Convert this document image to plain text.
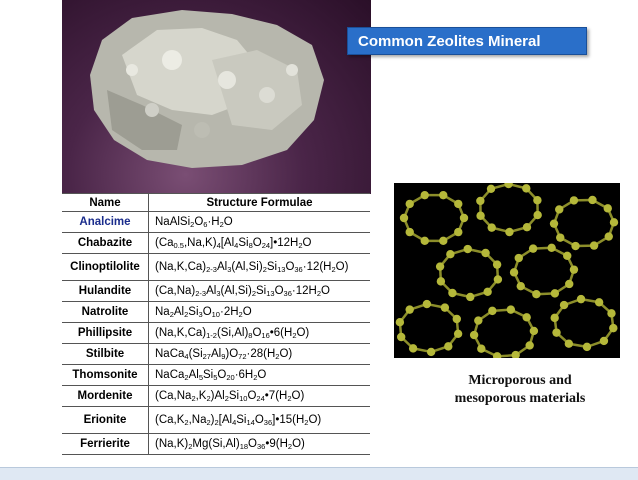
Common Zeolites Mineral
Name	Structure Formulae
Analcime	$NaAlSi_2O_6\cdot H_2O$
Chabazite	$(Ca_{0.5},Na,K)_4[Al_4Si_8O_{24}]•12H_2O$
Clinoptilolite	$(Na,K,Ca)_{2-3}Al_3(Al,Si)_2Si_{13}O_{36}\cdot 12(H_2O)$
Hulandite	$(Ca,Na)_{2-3}Al_3(Al,Si)_2Si_{13}O_{36}\cdot 12H_2O$
Natrolite	$Na_2Al_2Si_3O_{10}\cdot 2H_2O$
Phillipsite	$(Na,K,Ca)_{1-2}(Si,Al)_8O_{16}•6(H_2O)$
Stilbite	$NaCa_4(Si_{27}Al_9)O_{72}\cdot 28(H_2O)$
Thomsonite	$NaCa_2Al_5Si_5O_{20}\cdot 6H_2O$
Mordenite	$(Ca,Na_2,K_2)Al_2Si_{10}O_{24}•7(H_2O)$
Erionite	$(Ca,K_2,Na_2)_2[Al_4Si_{14}O_{36}]•15(H_2O)$
Ferrierite	$(Na,K)_2Mg(Si,Al)_{18}O_{36}•9(H_2O)$
Microporous and
mesoporous materials
